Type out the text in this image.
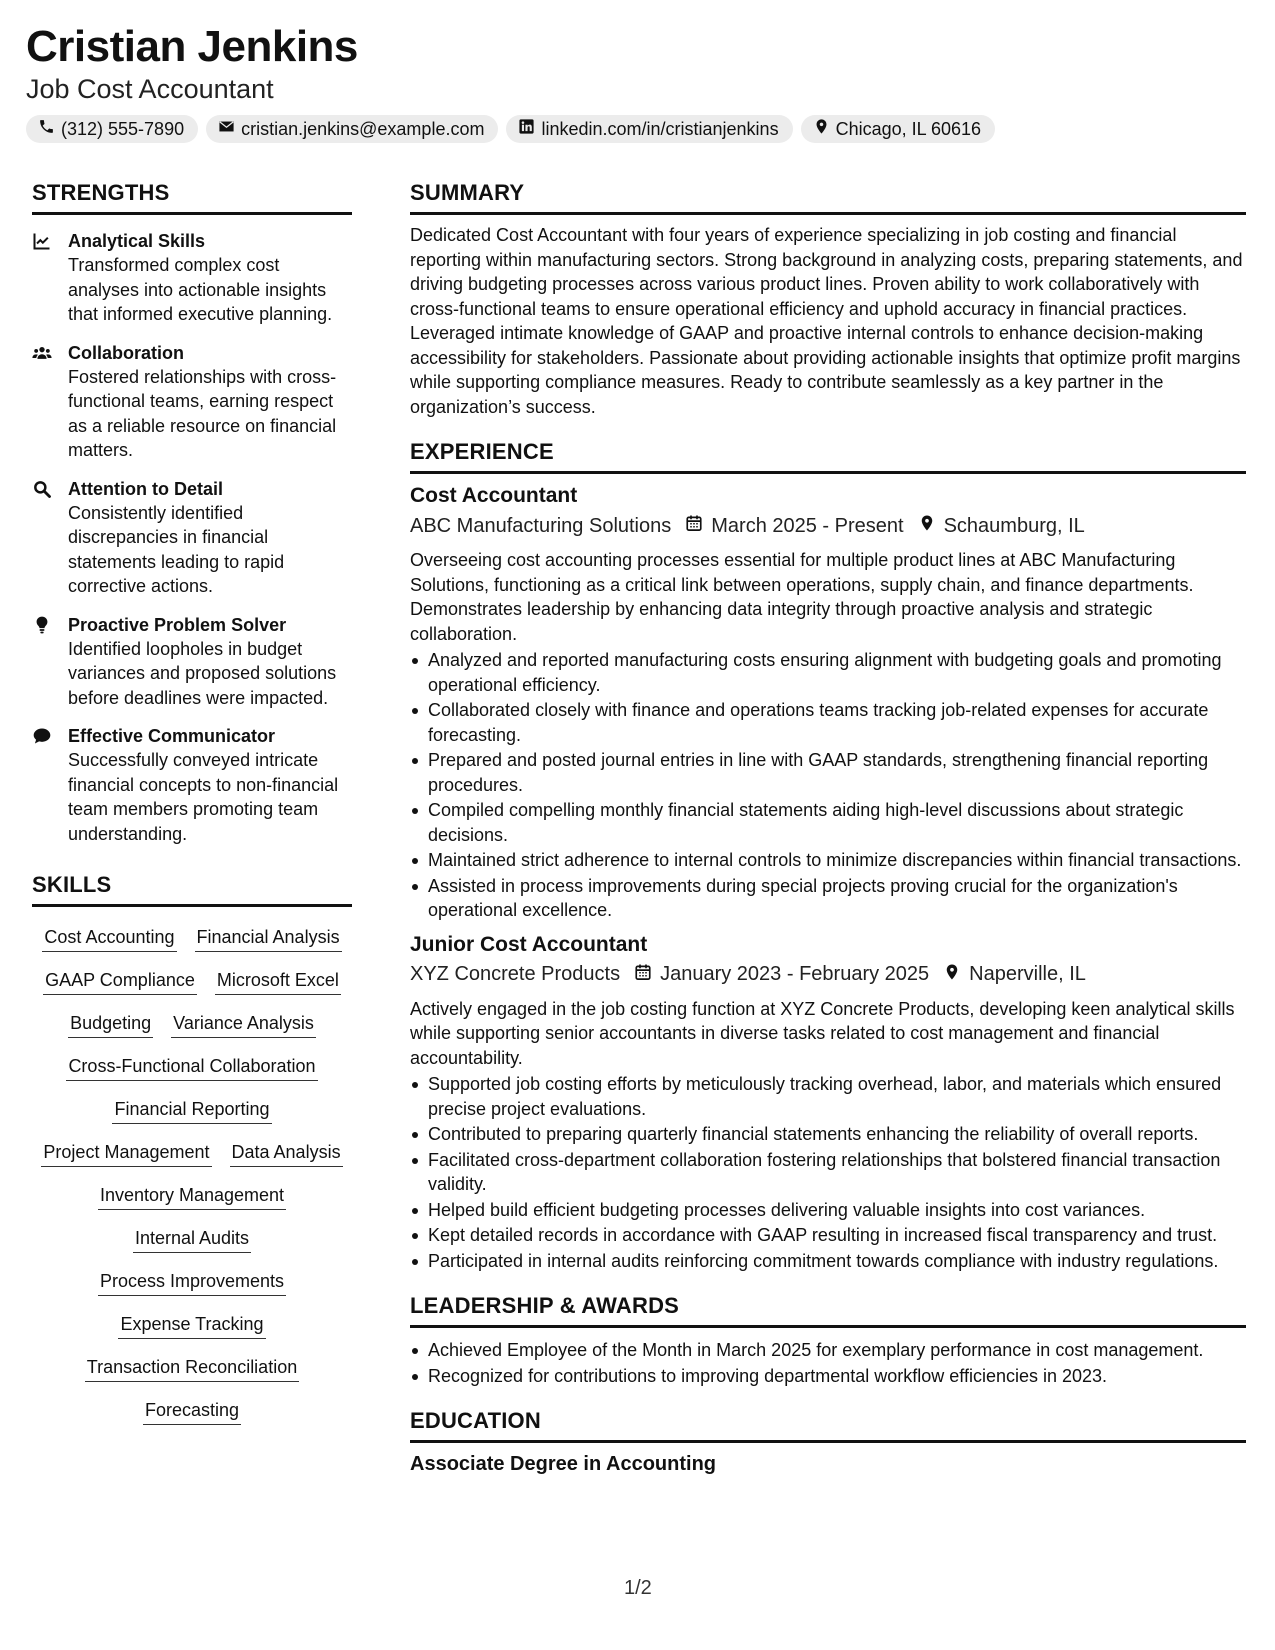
Cristian Jenkins
Job Cost Accountant
(312) 555-7890	cristian.jenkins@example.com	linkedin.com/in/cristianjenkins	Chicago, IL 60616
STRENGTHS
Analytical Skills
Transformed complex cost analyses into actionable insights that informed executive planning.
Collaboration
Fostered relationships with cross-functional teams, earning respect as a reliable resource on financial matters.
Attention to Detail
Consistently identified discrepancies in financial statements leading to rapid corrective actions.
Proactive Problem Solver
Identified loopholes in budget variances and proposed solutions before deadlines were impacted.
Effective Communicator
Successfully conveyed intricate financial concepts to non-financial team members promoting team understanding.
SKILLS
Cost Accounting Financial Analysis
GAAP Compliance Microsoft Excel
Budgeting Variance Analysis
Cross-Functional Collaboration
Financial Reporting
Project Management Data Analysis
Inventory Management
Internal Audits
Process Improvements
Expense Tracking
Transaction Reconciliation
Forecasting
SUMMARY
Dedicated Cost Accountant with four years of experience specializing in job costing and financial reporting within manufacturing sectors. Strong background in analyzing costs, preparing statements, and driving budgeting processes across various product lines. Proven ability to work collaboratively with cross-functional teams to ensure operational efficiency and uphold accuracy in financial practices. Leveraged intimate knowledge of GAAP and proactive internal controls to enhance decision-making accessibility for stakeholders. Passionate about providing actionable insights that optimize profit margins while supporting compliance measures. Ready to contribute seamlessly as a key partner in the organization’s success.
EXPERIENCE
Cost Accountant
ABC Manufacturing Solutions March 2025 - Present Schaumburg, IL
Overseeing cost accounting processes essential for multiple product lines at ABC Manufacturing Solutions, functioning as a critical link between operations, supply chain, and finance departments. Demonstrates leadership by enhancing data integrity through proactive analysis and strategic collaboration.
Analyzed and reported manufacturing costs ensuring alignment with budgeting goals and promoting operational efficiency.
Collaborated closely with finance and operations teams tracking job-related expenses for accurate forecasting.
Prepared and posted journal entries in line with GAAP standards, strengthening financial reporting procedures.
Compiled compelling monthly financial statements aiding high-level discussions about strategic decisions.
Maintained strict adherence to internal controls to minimize discrepancies within financial transactions.
Assisted in process improvements during special projects proving crucial for the organization's operational excellence.
Junior Cost Accountant
XYZ Concrete Products January 2023 - February 2025 Naperville, IL
Actively engaged in the job costing function at XYZ Concrete Products, developing keen analytical skills while supporting senior accountants in diverse tasks related to cost management and financial accountability.
Supported job costing efforts by meticulously tracking overhead, labor, and materials which ensured precise project evaluations.
Contributed to preparing quarterly financial statements enhancing the reliability of overall reports.
Facilitated cross-department collaboration fostering relationships that bolstered financial transaction validity.
Helped build efficient budgeting processes delivering valuable insights into cost variances.
Kept detailed records in accordance with GAAP resulting in increased fiscal transparency and trust.
Participated in internal audits reinforcing commitment towards compliance with industry regulations.
LEADERSHIP & AWARDS
Achieved Employee of the Month in March 2025 for exemplary performance in cost management.
Recognized for contributions to improving departmental workflow efficiencies in 2023.
EDUCATION
Associate Degree in Accounting
1/2
